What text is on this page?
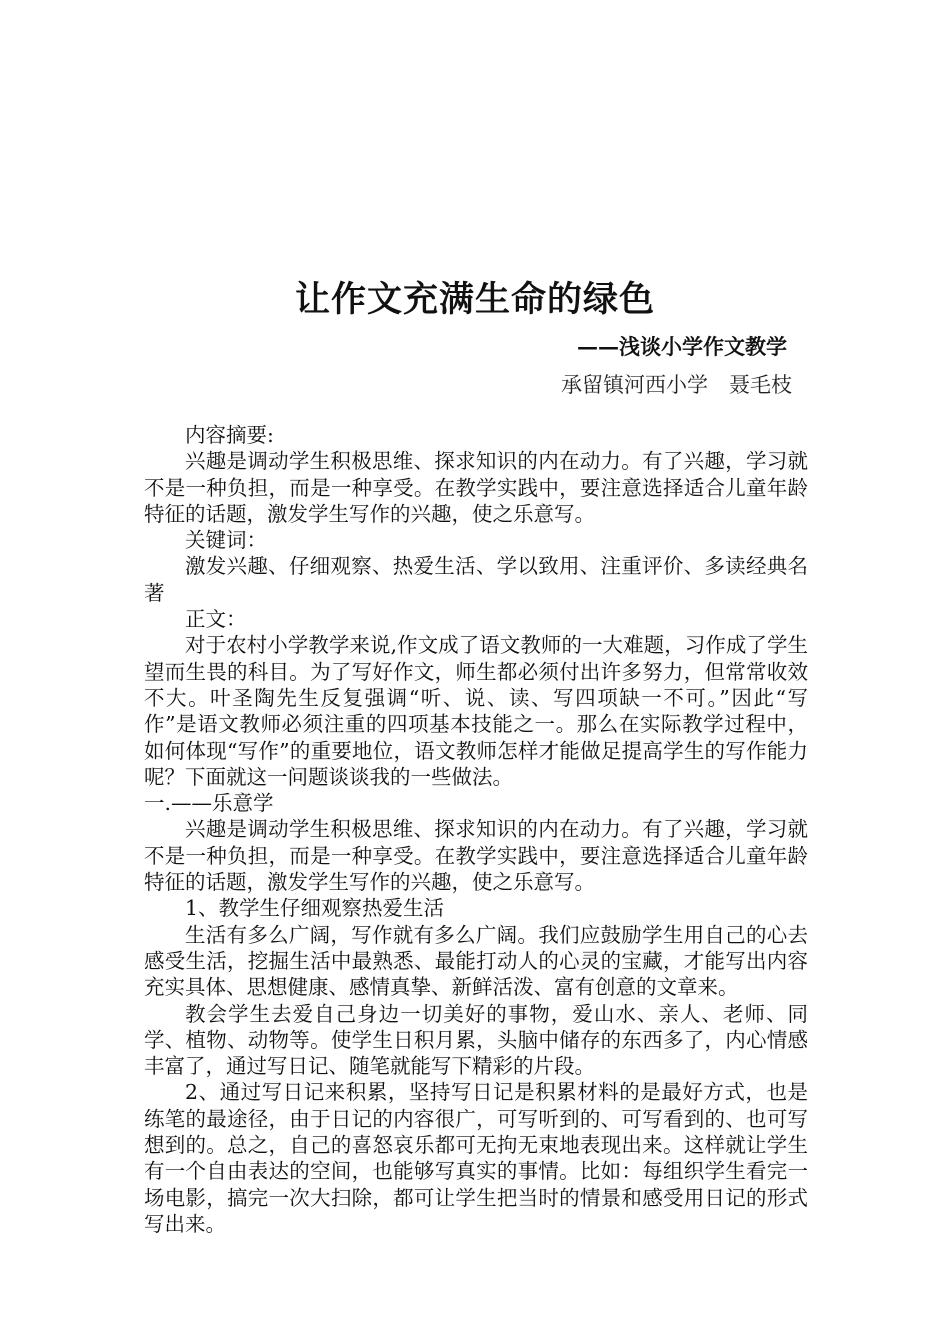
让作文充满生命的绿色
——浅谈小学作文教学
承留镇河西小学　聂毛枝

内容摘要:

兴趣是调动学生积极思维、探求知识的内在动力。有了兴趣，学习就不是一种负担，而是一种享受。在教学实践中，要注意选择适合儿童年龄特征的话题，激发学生写作的兴趣，使之乐意写。

关键词：

激发兴趣、仔细观察、热爱生活、学以致用、注重评价、多读经典名著

正文：

对于农村小学教学来说,作文成了语文教师的一大难题，习作成了学生望而生畏的科目。为了写好作文，师生都必须付出许多努力，但常常收效不大。叶圣陶先生反复强调“听、说、读、写四项缺一不可。”因此“写作”是语文教师必须注重的四项基本技能之一。那么在实际教学过程中，如何体现“写作”的重要地位，语文教师怎样才能做足提高学生的写作能力呢？下面就这一问题谈谈我的一些做法。

一.——乐意学

兴趣是调动学生积极思维、探求知识的内在动力。有了兴趣，学习就不是一种负担，而是一种享受。在教学实践中，要注意选择适合儿童年龄特征的话题，激发学生写作的兴趣，使之乐意写。

1、教学生仔细观察热爱生活

生活有多么广阔，写作就有多么广阔。我们应鼓励学生用自己的心去感受生活，挖掘生活中最熟悉、最能打动人的心灵的宝藏，才能写出内容充实具体、思想健康、感情真挚、新鲜活泼、富有创意的文章来。

教会学生去爱自己身边一切美好的事物，爱山水、亲人、老师、同学、植物、动物等。使学生日积月累，头脑中储存的东西多了，内心情感丰富了，通过写日记、随笔就能写下精彩的片段。

2、通过写日记来积累，坚持写日记是积累材料的是最好方式，也是练笔的最途径，由于日记的内容很广，可写听到的、可写看到的、也可写想到的。总之，自己的喜怒哀乐都可无拘无束地表现出来。这样就让学生有一个自由表达的空间，也能够写真实的事情。比如：每组织学生看完一场电影，搞完一次大扫除，都可让学生把当时的情景和感受用日记的形式写出来。
